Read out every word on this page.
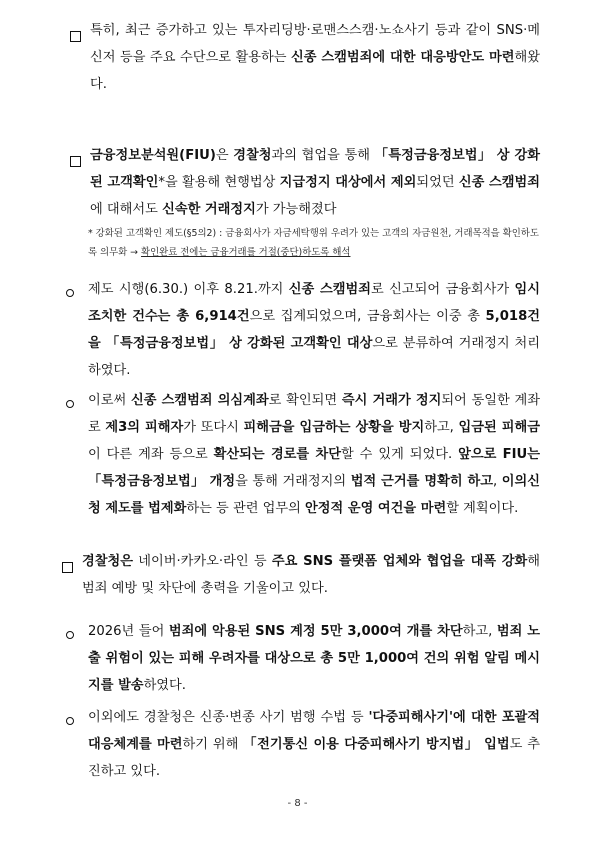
특히, 최근 증가하고 있는 투자리딩방·로맨스스캠·노쇼사기 등과 같이 SNS·메신저 등을 주요 수단으로 활용하는 신종 스캠범죄에 대한 대응방안도 마련해왔다.
금융정보분석원(FIU)은 경찰청과의 협업을 통해 「특정금융정보법」 상 강화된 고객확인*을 활용해 현행법상 지급정지 대상에서 제외되었던 신종 스캠범죄에 대해서도 신속한 거래정지가 가능해졌다
* 강화된 고객확인 제도(§5의2) : 금융회사가 자금세탁행위 우려가 있는 고객의 자금원천, 거래목적을 확인하도록 의무화 → 확인완료 전에는 금융거래를 거절(중단)하도록 해석
제도 시행(6.30.) 이후 8.21.까지 신종 스캠범죄로 신고되어 금융회사가 임시조치한 건수는 총 6,914건으로 집계되었으며, 금융회사는 이중 총 5,018건을 「특정금융정보법」 상 강화된 고객확인 대상으로 분류하여 거래정지 처리하였다.
이로써 신종 스캠범죄 의심계좌로 확인되면 즉시 거래가 정지되어 동일한 계좌로 제3의 피해자가 또다시 피해금을 입금하는 상황을 방지하고, 입금된 피해금이 다른 계좌 등으로 확산되는 경로를 차단할 수 있게 되었다. 앞으로 FIU는 「특정금융정보법」 개정을 통해 거래정지의 법적 근거를 명확히 하고, 이의신청 제도를 법제화하는 등 관련 업무의 안정적 운영 여건을 마련할 계획이다.
경찰청은 네이버·카카오·라인 등 주요 SNS 플랫폼 업체와 협업을 대폭 강화해 범죄 예방 및 차단에 총력을 기울이고 있다.
2026년 들어 범죄에 악용된 SNS 계정 5만 3,000여 개를 차단하고, 범죄 노출 위험이 있는 피해 우려자를 대상으로 총 5만 1,000여 건의 위험 알림 메시지를 발송하였다.
이외에도 경찰청은 신종·변종 사기 범행 수법 등 '다중피해사기'에 대한 포괄적 대응체계를 마련하기 위해 「전기통신 이용 다중피해사기 방지법」 입법도 추진하고 있다.
- 8 -
